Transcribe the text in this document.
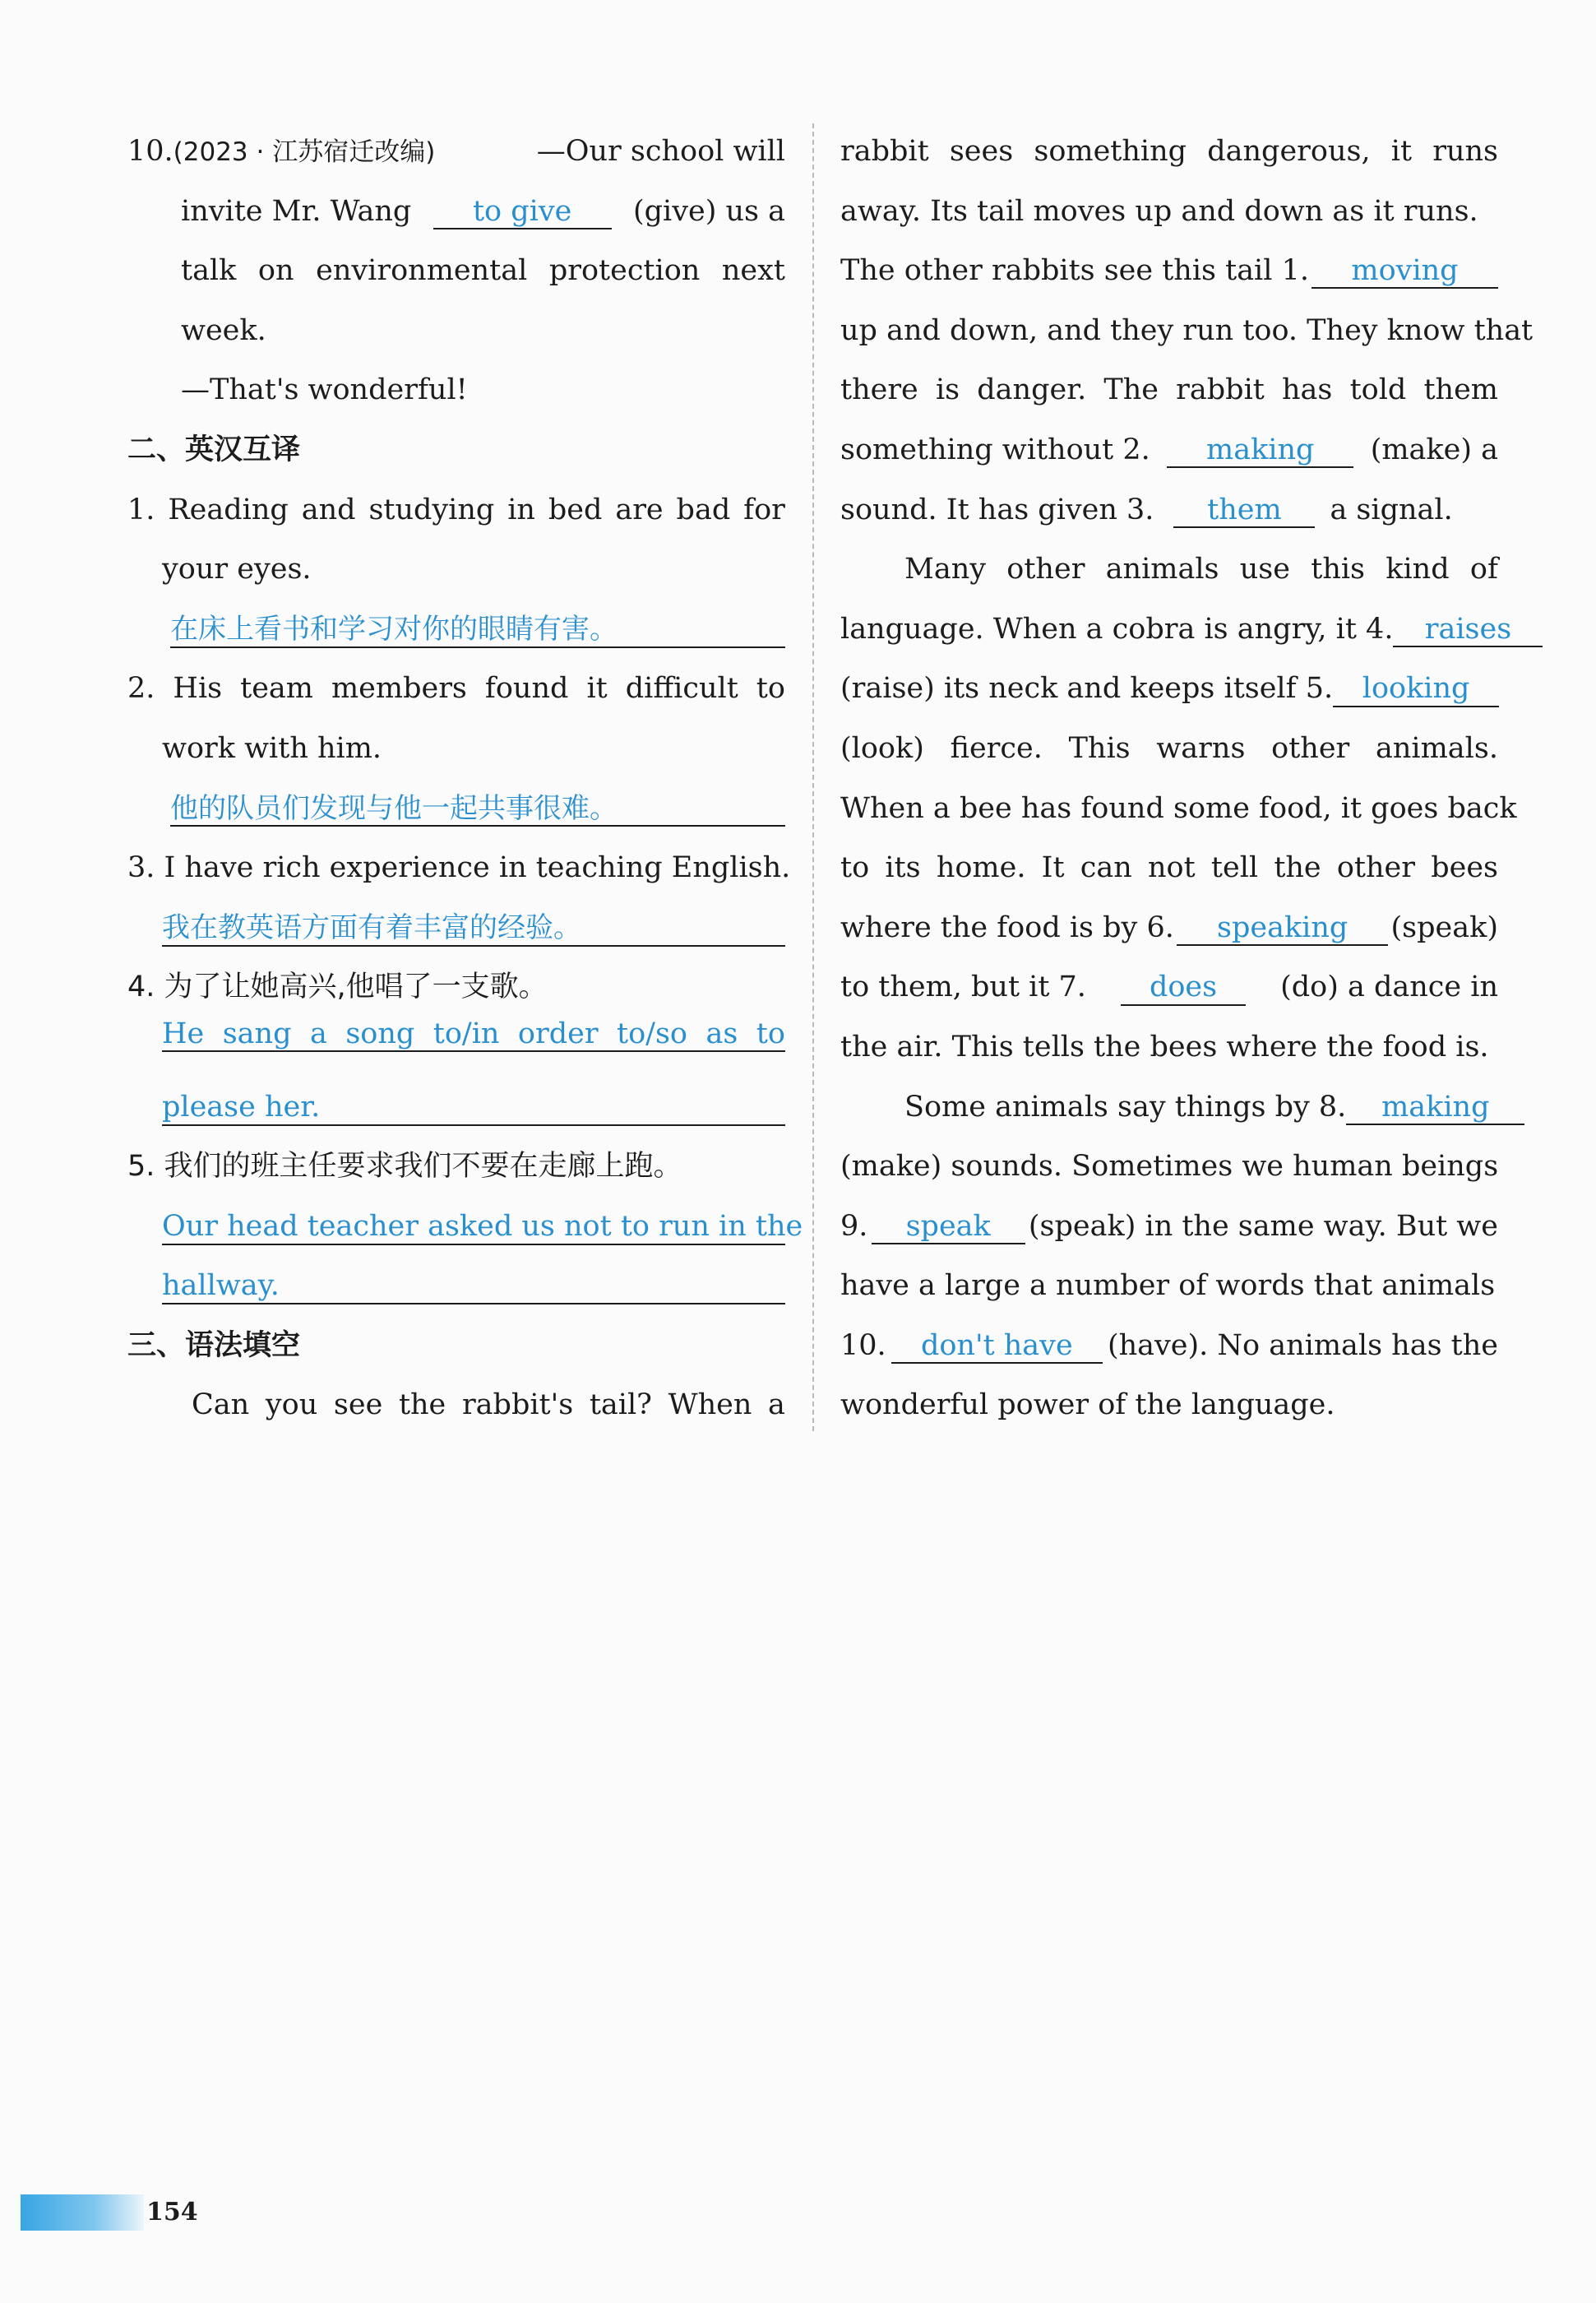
10.(2023 · 江苏宿迁改编)	—Our school will
invite Mr. Wang	to give	(give) us a
talk on environmental protection next
week.
—That's wonderful!
二、英汉互译
1. Reading and studying in bed are bad for
your eyes.
在床上看书和学习对你的眼睛有害。
2. His team members found it difficult to
work with him.
他的队员们发现与他一起共事很难。
3. I have rich experience in teaching English.
我在教英语方面有着丰富的经验。
4. 为了让她高兴,他唱了一支歌。
He sang a song to/in order to/so as to
please her.
5. 我们的班主任要求我们不要在走廊上跑。
Our head teacher asked us not to run in the
hallway.
三、语法填空
Can you see the rabbit's tail? When a
rabbit sees something dangerous, it runs
away. Its tail moves up and down as it runs.
The other rabbits see this tail 1.	moving
up and down, and they run too. They know that
there is danger. The rabbit has told them
something without 2.	making	(make) a
sound. It has given 3.	them	a signal.
Many other animals use this kind of
language. When a cobra is angry, it 4.	raises
(raise) its neck and keeps itself 5.	looking
(look) fierce. This warns other animals.
When a bee has found some food, it goes back
to its home. It can not tell the other bees
where the food is by 6.	speaking	(speak)
to them, but it 7.	does	(do) a dance in
the air. This tells the bees where the food is.
Some animals say things by 8.	making
(make) sounds. Sometimes we human beings
9.	speak	(speak) in the same way. But we
have a large a number of words that animals
10.	don't have	(have). No animals has the
wonderful power of the language.
154
